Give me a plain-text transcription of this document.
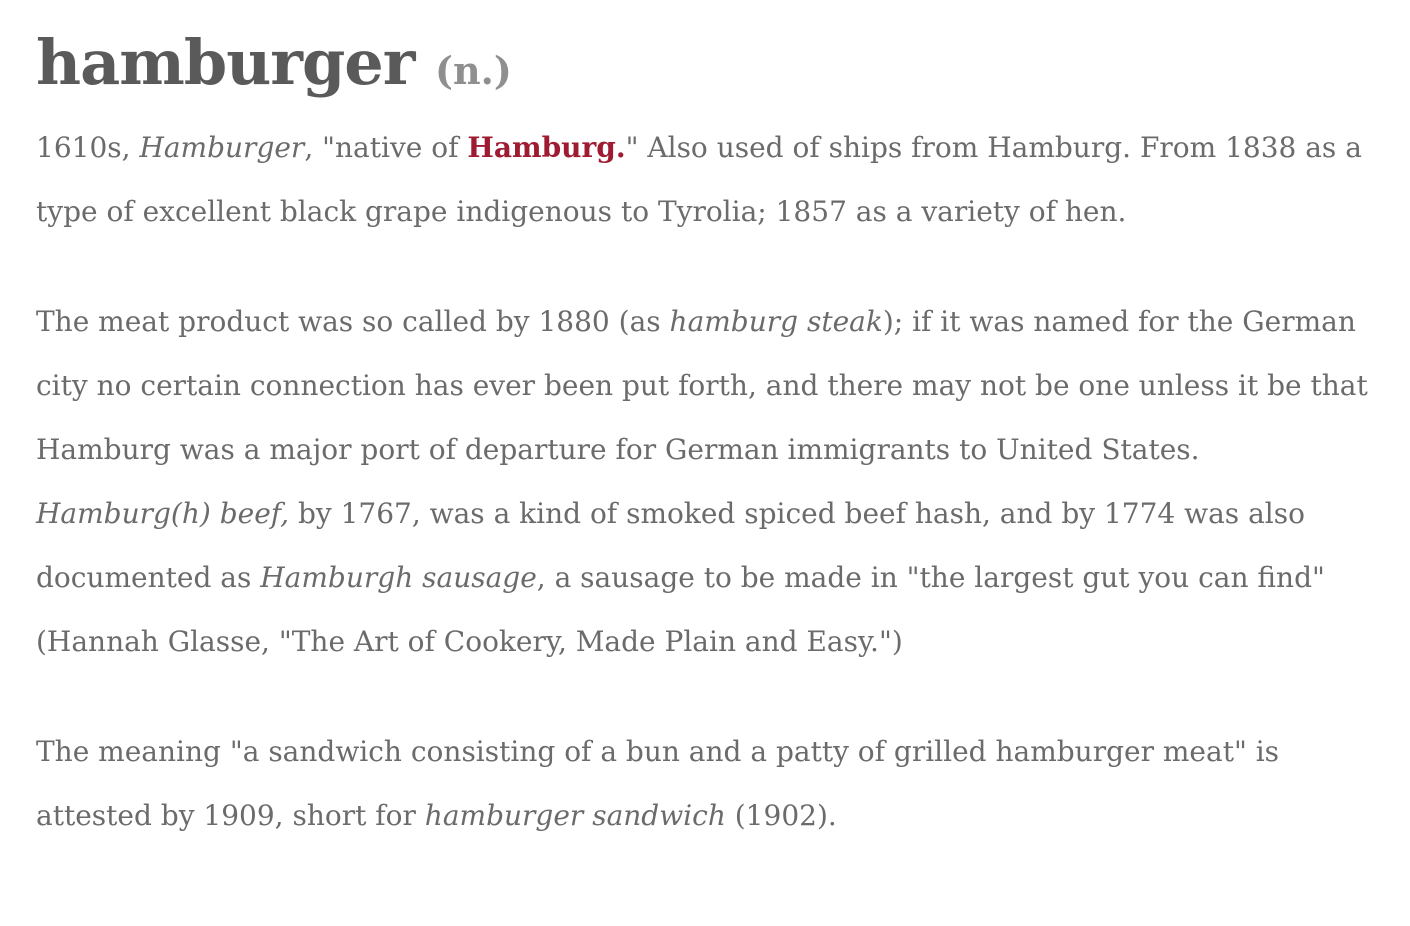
hamburger (n.)

1610s, Hamburger, "native of Hamburg." Also used of ships from Hamburg. From 1838 as a type of excellent black grape indigenous to Tyrolia; 1857 as a variety of hen.

The meat product was so called by 1880 (as hamburg steak); if it was named for the German city no certain connection has ever been put forth, and there may not be one unless it be that Hamburg was a major port of departure for German immigrants to United States. Hamburg(h) beef, by 1767, was a kind of smoked spiced beef hash, and by 1774 was also documented as Hamburgh sausage, a sausage to be made in "the largest gut you can find" (Hannah Glasse, "The Art of Cookery, Made Plain and Easy.")

The meaning "a sandwich consisting of a bun and a patty of grilled hamburger meat" is attested by 1909, short for hamburger sandwich (1902).
